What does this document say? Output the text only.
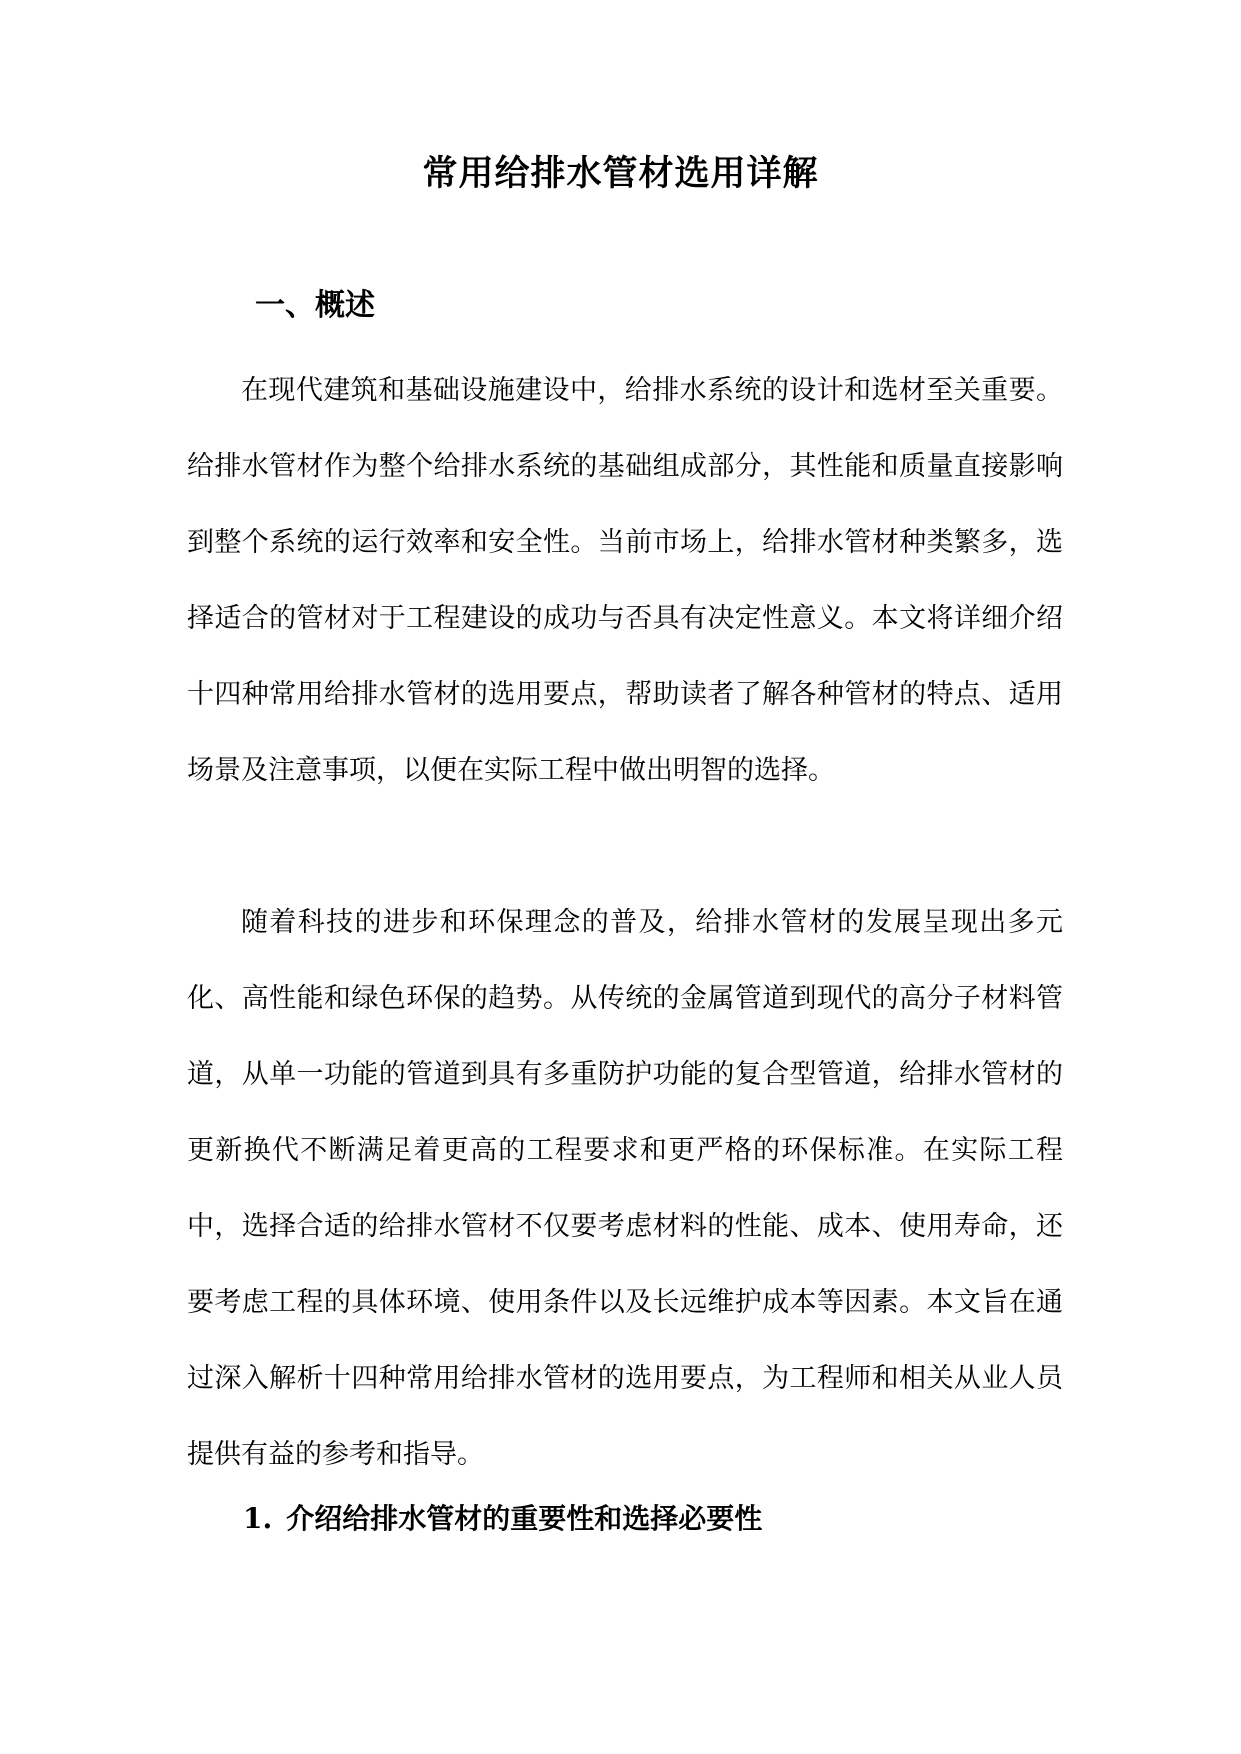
常用给排水管材选用详解
一、概述

在现代建筑和基础设施建设中，给排水系统的设计和选材至关重要。给排水管材作为整个给排水系统的基础组成部分，其性能和质量直接影响到整个系统的运行效率和安全性。当前市场上，给排水管材种类繁多，选择适合的管材对于工程建设的成功与否具有决定性意义。本文将详细介绍十四种常用给排水管材的选用要点，帮助读者了解各种管材的特点、适用场景及注意事项，以便在实际工程中做出明智的选择。

随着科技的进步和环保理念的普及，给排水管材的发展呈现出多元化、高性能和绿色环保的趋势。从传统的金属管道到现代的高分子材料管道，从单一功能的管道到具有多重防护功能的复合型管道，给排水管材的更新换代不断满足着更高的工程要求和更严格的环保标准。在实际工程中，选择合适的给排水管材不仅要考虑材料的性能、成本、使用寿命，还要考虑工程的具体环境、使用条件以及长远维护成本等因素。本文旨在通过深入解析十四种常用给排水管材的选用要点，为工程师和相关从业人员提供有益的参考和指导。

1. 介绍给排水管材的重要性和选择必要性
